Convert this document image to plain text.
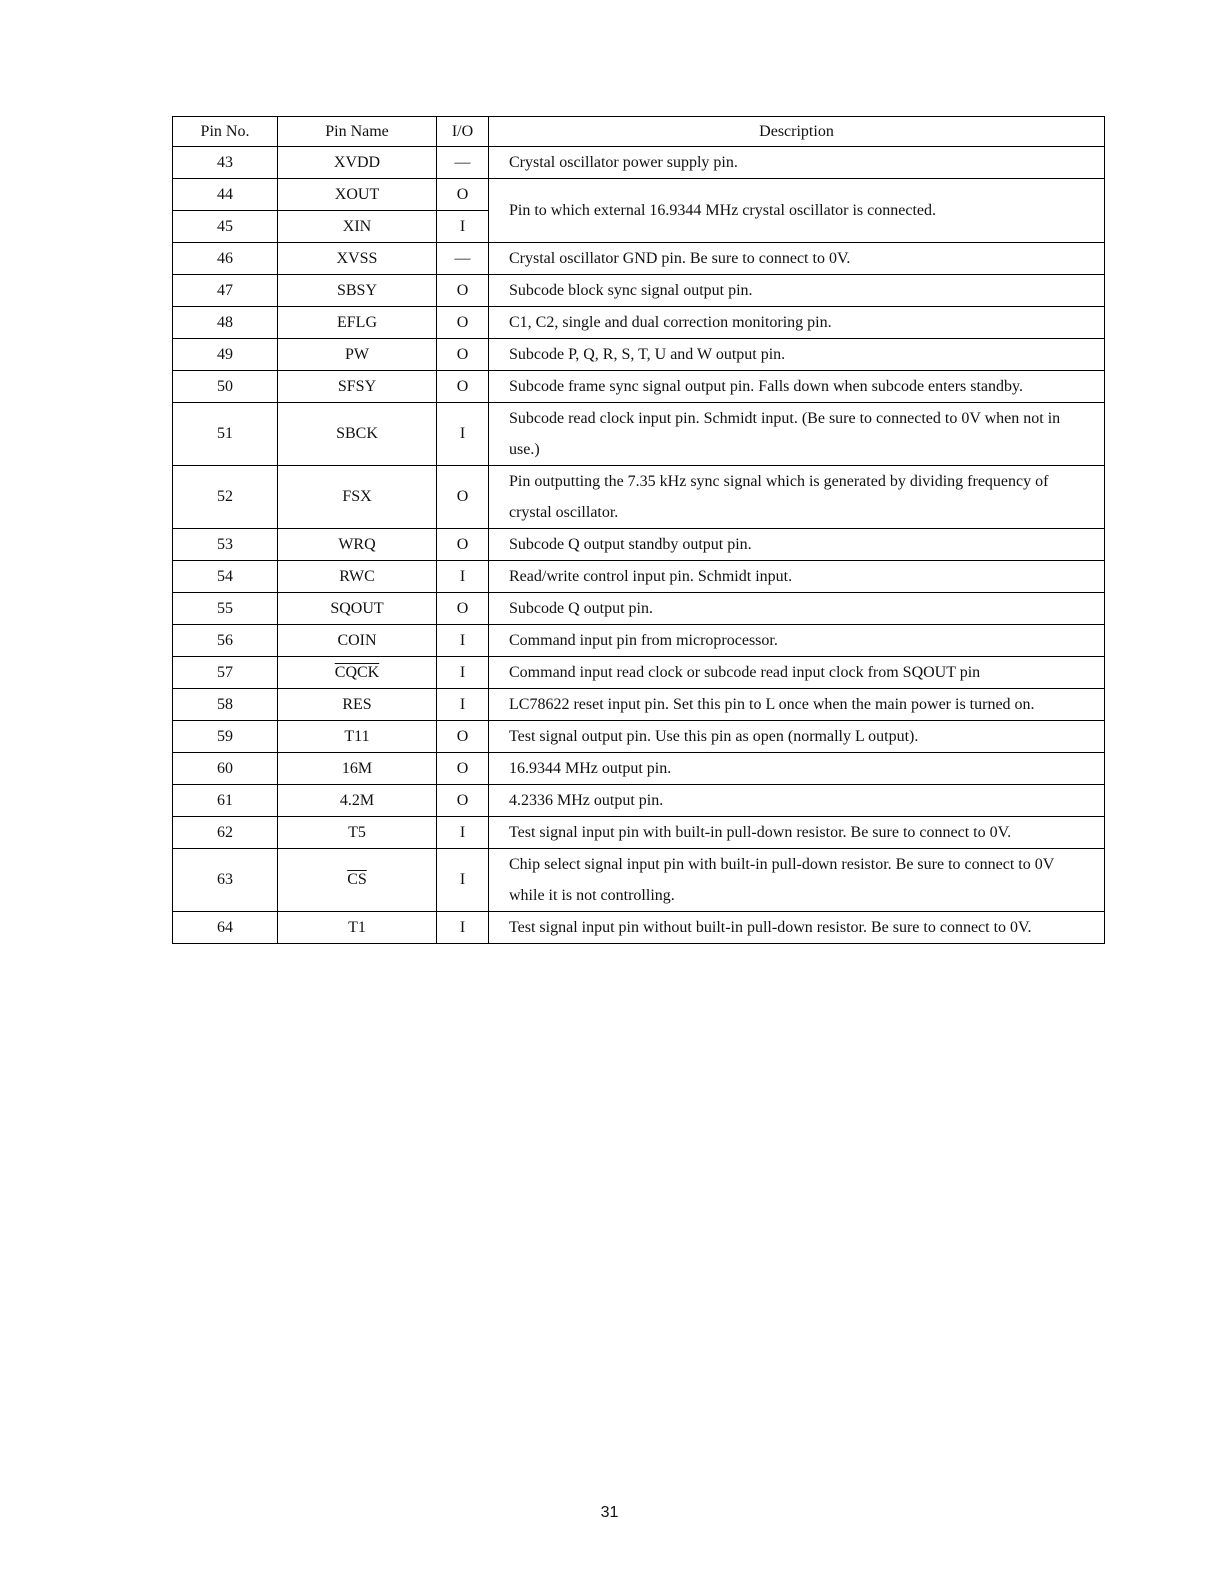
Pin No.	Pin Name	I/O	Description
43	XVDD	—	Crystal oscillator power supply pin.
44	XOUT	O	Pin to which external 16.9344 MHz crystal oscillator is connected.
45	XIN	I	
46	XVSS	—	Crystal oscillator GND pin. Be sure to connect to 0V.
47	SBSY	O	Subcode block sync signal output pin.
48	EFLG	O	C1, C2, single and dual correction monitoring pin.
49	PW	O	Subcode P, Q, R, S, T, U and W output pin.
50	SFSY	O	Subcode frame sync signal output pin. Falls down when subcode enters standby.
51	SBCK	I	Subcode read clock input pin. Schmidt input. (Be sure to connected to 0V when not in use.)
52	FSX	O	Pin outputting the 7.35 kHz sync signal which is generated by dividing frequency of crystal oscillator.
53	WRQ	O	Subcode Q output standby output pin.
54	RWC	I	Read/write control input pin. Schmidt input.
55	SQOUT	O	Subcode Q output pin.
56	COIN	I	Command input pin from microprocessor.
57	CQCK	I	Command input read clock or subcode read input clock from SQOUT pin
58	RES	I	LC78622 reset input pin. Set this pin to L once when the main power is turned on.
59	T11	O	Test signal output pin. Use this pin as open (normally L output).
60	16M	O	16.9344 MHz output pin.
61	4.2M	O	4.2336 MHz output pin.
62	T5	I	Test signal input pin with built-in pull-down resistor. Be sure to connect to 0V.
63	$\overline{CS}$	I	Chip select signal input pin with built-in pull-down resistor. Be sure to connect to 0V while it is not controlling.
64	T1	I	Test signal input pin without built-in pull-down resistor. Be sure to connect to 0V.
31
